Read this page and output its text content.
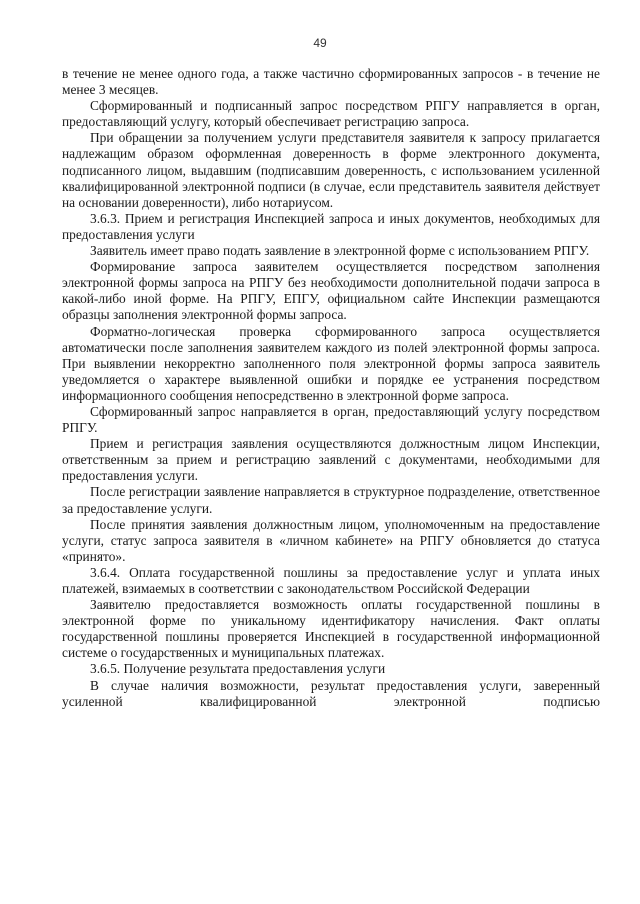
49

в течение не менее одного года, а также частично сформированных запросов - в течение не менее 3 месяцев.

Сформированный и подписанный запрос посредством РПГУ направляется в орган, предоставляющий услугу, который обеспечивает регистрацию запроса.

При обращении за получением услуги представителя заявителя к запросу прилагается надлежащим образом оформленная доверенность в форме электронного документа, подписанного лицом, выдавшим (подписавшим доверенность, с использованием усиленной квалифицированной электронной подписи (в случае, если представитель заявителя действует на основании доверенности), либо нотариусом.

3.6.3. Прием и регистрация Инспекцией запроса и иных документов, необходимых для предоставления услуги

Заявитель имеет право подать заявление в электронной форме с использованием РПГУ.

Формирование запроса заявителем осуществляется посредством заполнения электронной формы запроса на РПГУ без необходимости дополнительной подачи запроса в какой-либо иной форме. На РПГУ, ЕПГУ, официальном сайте Инспекции размещаются образцы заполнения электронной формы запроса.

Форматно-логическая проверка сформированного запроса осуществляется автоматически после заполнения заявителем каждого из полей электронной формы запроса. При выявлении некорректно заполненного поля электронной формы запроса заявитель уведомляется о характере выявленной ошибки и порядке ее устранения посредством информационного сообщения непосредственно в электронной форме запроса.

Сформированный запрос направляется в орган, предоставляющий услугу посредством РПГУ.

Прием и регистрация заявления осуществляются должностным лицом Инспекции, ответственным за прием и регистрацию заявлений с документами, необходимыми для предоставления услуги.

После регистрации заявление направляется в структурное подразделение, ответственное за предоставление услуги.

После принятия заявления должностным лицом, уполномоченным на предоставление услуги, статус запроса заявителя в «личном кабинете» на РПГУ обновляется до статуса «принято».

3.6.4. Оплата государственной пошлины за предоставление услуг и уплата иных платежей, взимаемых в соответствии с законодательством Российской Федерации

Заявителю предоставляется возможность оплаты государственной пошлины в электронной форме по уникальному идентификатору начисления. Факт оплаты государственной пошлины проверяется Инспекцией в государственной информационной системе о государственных и муниципальных платежах.

3.6.5. Получение результата предоставления услуги

В случае наличия возможности, результат предоставления услуги, заверенный усиленной квалифицированной электронной подписью
